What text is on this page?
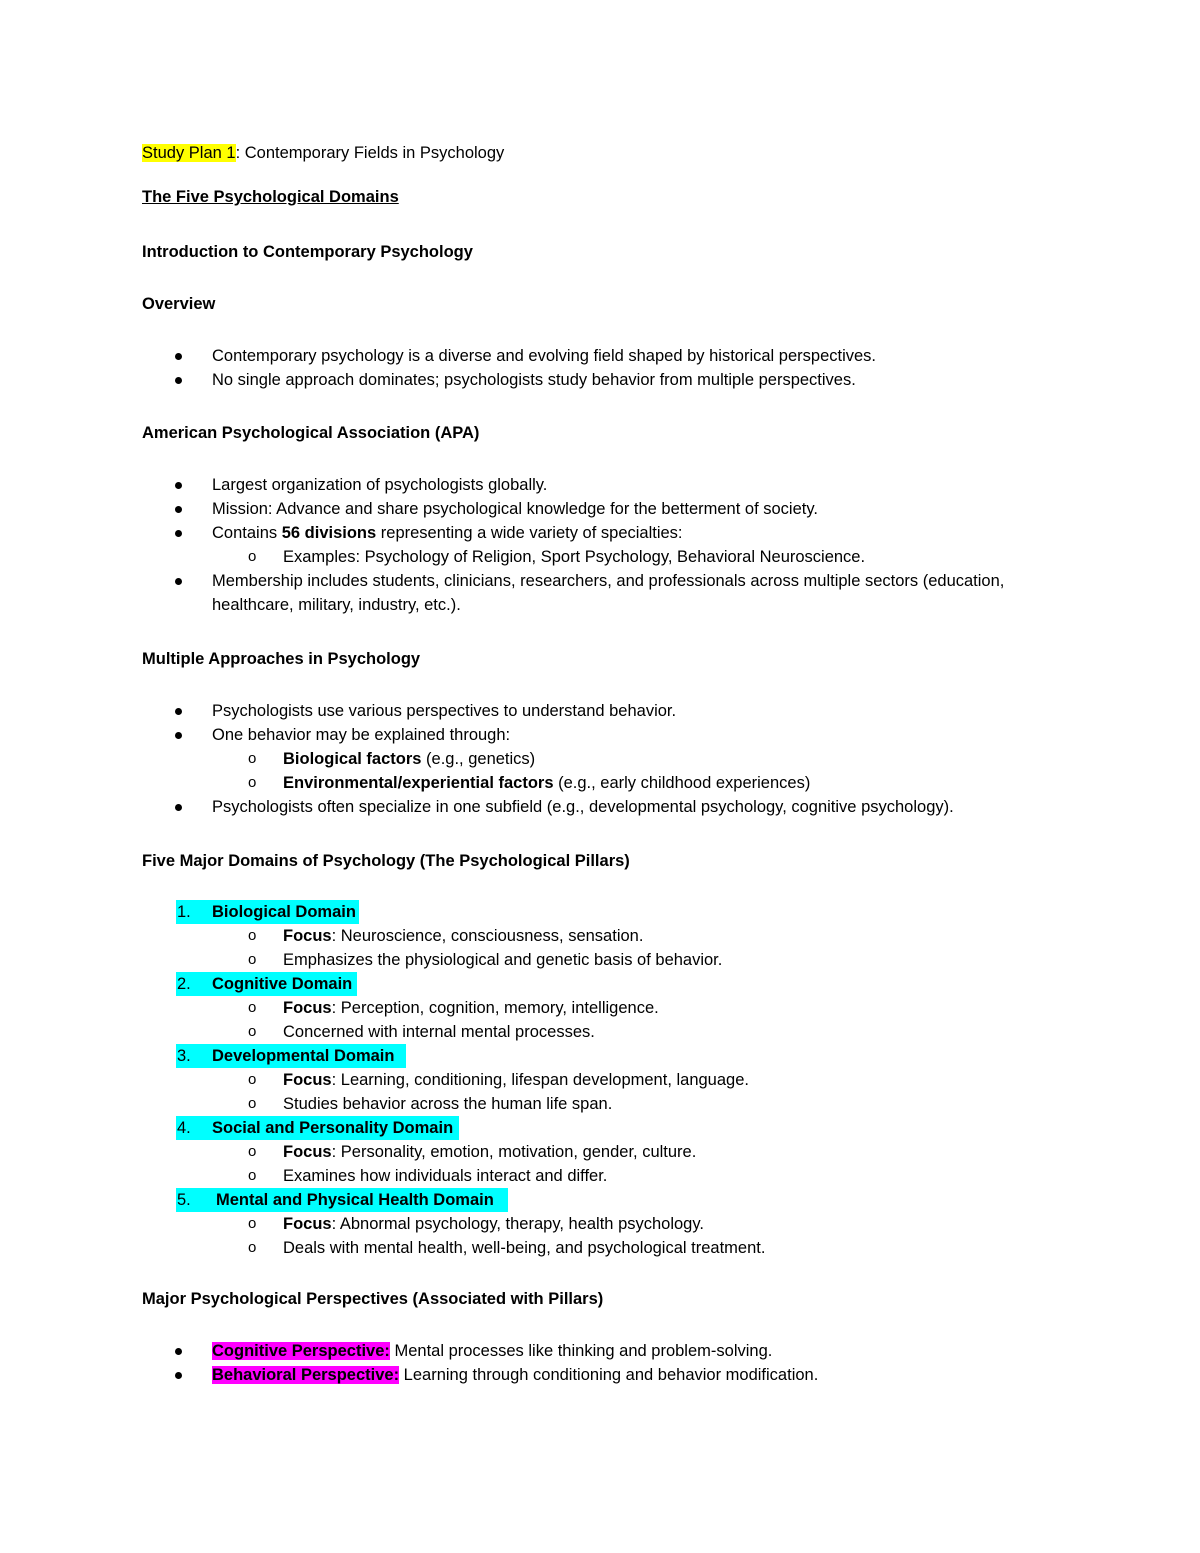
Study Plan 1: Contemporary Fields in Psychology
The Five Psychological Domains
Introduction to Contemporary Psychology
Overview
Contemporary psychology is a diverse and evolving field shaped by historical perspectives.
No single approach dominates; psychologists study behavior from multiple perspectives.
American Psychological Association (APA)
Largest organization of psychologists globally.
Mission: Advance and share psychological knowledge for the betterment of society.
Contains 56 divisions representing a wide variety of specialties:
o Examples: Psychology of Religion, Sport Psychology, Behavioral Neuroscience.
Membership includes students, clinicians, researchers, and professionals across multiple sectors (education, healthcare, military, industry, etc.).
Multiple Approaches in Psychology
Psychologists use various perspectives to understand behavior.
One behavior may be explained through:
o Biological factors (e.g., genetics)
o Environmental/experiential factors (e.g., early childhood experiences)
Psychologists often specialize in one subfield (e.g., developmental psychology, cognitive psychology).
Five Major Domains of Psychology (The Psychological Pillars)
1. Biological Domain
o Focus: Neuroscience, consciousness, sensation.
o Emphasizes the physiological and genetic basis of behavior.
2. Cognitive Domain
o Focus: Perception, cognition, memory, intelligence.
o Concerned with internal mental processes.
3. Developmental Domain
o Focus: Learning, conditioning, lifespan development, language.
o Studies behavior across the human life span.
4. Social and Personality Domain
o Focus: Personality, emotion, motivation, gender, culture.
o Examines how individuals interact and differ.
5. Mental and Physical Health Domain
o Focus: Abnormal psychology, therapy, health psychology.
o Deals with mental health, well-being, and psychological treatment.
Major Psychological Perspectives (Associated with Pillars)
Cognitive Perspective: Mental processes like thinking and problem-solving.
Behavioral Perspective: Learning through conditioning and behavior modification.
